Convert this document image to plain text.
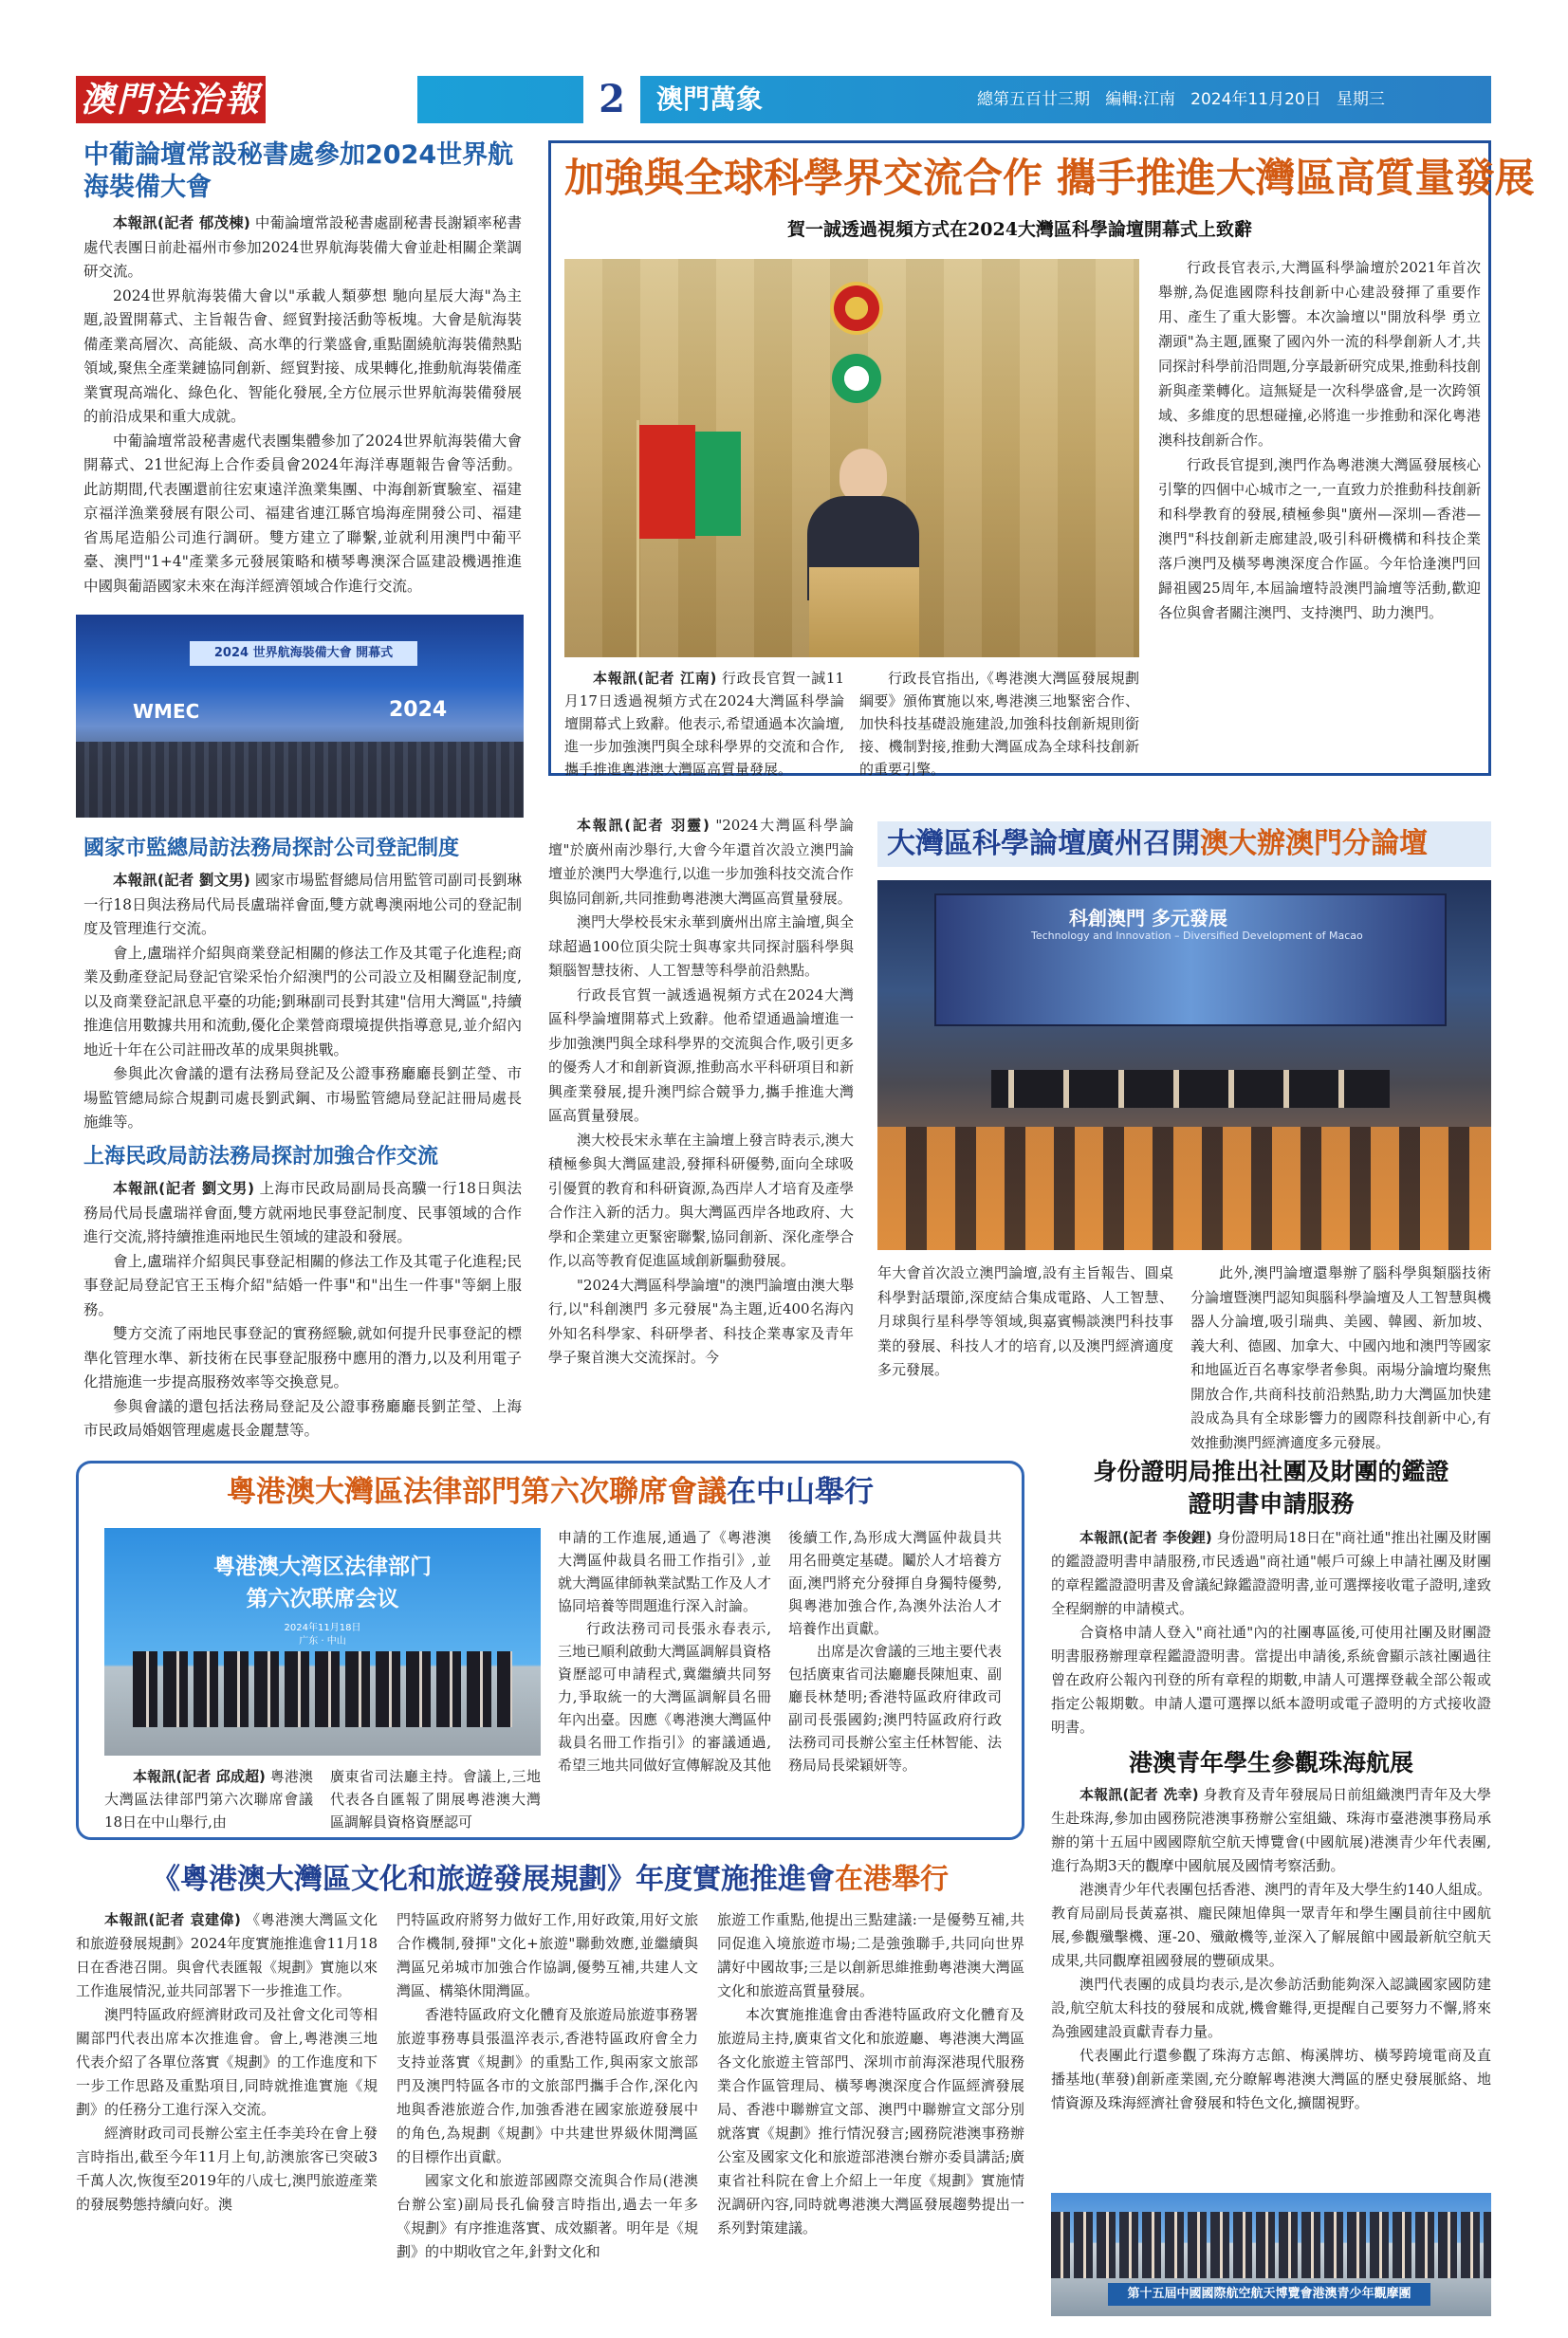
澳門法治報	2	澳門萬象	總第五百廿三期 編輯:江南 2024年11月20日 星期三
中葡論壇常設秘書處參加2024世界航
海裝備大會

本報訊(記者 郁茂棟) 中葡論壇常設秘書處副秘書長謝穎率秘書處代表團日前赴福州市參加2024世界航海裝備大會並赴相關企業調研交流。

2024世界航海裝備大會以"承載人類夢想 馳向星辰大海"為主題,設置開幕式、主旨報告會、經貿對接活動等板塊。大會是航海裝備產業高層次、高能級、高水準的行業盛會,重點圍繞航海裝備熱點領域,聚焦全產業鏈協同創新、經貿對接、成果轉化,推動航海裝備產業實現高端化、綠色化、智能化發展,全方位展示世界航海裝備發展的前沿成果和重大成就。

中葡論壇常設秘書處代表團集體參加了2024世界航海裝備大會開幕式、21世紀海上合作委員會2024年海洋專題報告會等活動。此訪期間,代表團還前往宏東遠洋漁業集團、中海創新實驗室、福建京福洋漁業發展有限公司、福建省連江縣官塢海産開發公司、福建省馬尾造船公司進行調研。雙方建立了聯繫,並就利用澳門中葡平臺、澳門"1+4"產業多元發展策略和橫琴粵澳深合區建設機遇推進中國與葡語國家未來在海洋經濟領域合作進行交流。

2024 世界航海裝備大會 開幕式
WMEC	2024
國家市監總局訪法務局探討公司登記制度

本報訊(記者 劉文男) 國家市場監督總局信用監管司副司長劉琳一行18日與法務局代局長盧瑞祥會面,雙方就粵澳兩地公司的登記制度及管理進行交流。

會上,盧瑞祥介紹與商業登記相關的修法工作及其電子化進程;商業及動產登記局登記官梁采怡介紹澳門的公司設立及相關登記制度,以及商業登記訊息平臺的功能;劉琳副司長對其建"信用大灣區",持續推進信用數據共用和流動,優化企業營商環境提供指導意見,並介紹內地近十年在公司註冊改革的成果與挑戰。

參與此次會議的還有法務局登記及公證事務廳廳長劉芷瑩、市場監管總局綜合規劃司處長劉武鋼、市場監管總局登記註冊局處長施維等。

上海民政局訪法務局探討加強合作交流

本報訊(記者 劉文男) 上海市民政局副局長高驥一行18日與法務局代局長盧瑞祥會面,雙方就兩地民事登記制度、民事領域的合作進行交流,將持續推進兩地民生領域的建設和發展。

會上,盧瑞祥介紹與民事登記相關的修法工作及其電子化進程;民事登記局登記官王玉梅介紹"結婚一件事"和"出生一件事"等網上服務。

雙方交流了兩地民事登記的實務經驗,就如何提升民事登記的標準化管理水準、新技術在民事登記服務中應用的潛力,以及利用電子化措施進一步提高服務效率等交換意見。

參與會議的還包括法務局登記及公證事務廳廳長劉芷瑩、上海市民政局婚姻管理處處長金麗慧等。

加強與全球科學界交流合作 攜手推進大灣區高質量發展
賀一誠透過視頻方式在2024大灣區科學論壇開幕式上致辭

本報訊(記者 江南) 行政長官賀一誠11月17日透過視頻方式在2024大灣區科學論壇開幕式上致辭。他表示,希望通過本次論壇,進一步加強澳門與全球科學界的交流和合作,攜手推進粵港澳大灣區高質量發展。

行政長官指出,《粵港澳大灣區發展規劃綱要》頒佈實施以來,粵港澳三地緊密合作、加快科技基礎設施建設,加強科技創新規則銜接、機制對接,推動大灣區成為全球科技創新的重要引擎。

行政長官表示,大灣區科學論壇於2021年首次舉辦,為促進國際科技創新中心建設發揮了重要作用、產生了重大影響。本次論壇以"開放科學 勇立潮頭"為主題,匯聚了國內外一流的科學創新人才,共同探討科學前沿問題,分享最新研究成果,推動科技創新與產業轉化。這無疑是一次科學盛會,是一次跨領域、多維度的思想碰撞,必將進一步推動和深化粵港澳科技創新合作。

行政長官提到,澳門作為粵港澳大灣區發展核心引擎的四個中心城市之一,一直致力於推動科技創新和科學教育的發展,積極參與"廣州—深圳—香港—澳門"科技創新走廊建設,吸引科研機構和科技企業落戶澳門及橫琴粵澳深度合作區。今年恰逢澳門回歸祖國25周年,本屆論壇特設澳門論壇等活動,歡迎各位與會者關注澳門、支持澳門、助力澳門。

本報訊(記者 羽靈) "2024大灣區科學論壇"於廣州南沙舉行,大會今年還首次設立澳門論壇並於澳門大學進行,以進一步加強科技交流合作與協同創新,共同推動粵港澳大灣區高質量發展。

澳門大學校長宋永華到廣州出席主論壇,與全球超過100位頂尖院士與專家共同探討腦科學與類腦智慧技術、人工智慧等科學前沿熱點。

行政長官賀一誠透過視頻方式在2024大灣區科學論壇開幕式上致辭。他希望通過論壇進一步加強澳門與全球科學界的交流與合作,吸引更多的優秀人才和創新資源,推動高水平科研項目和新興產業發展,提升澳門綜合競爭力,攜手推進大灣區高質量發展。

澳大校長宋永華在主論壇上發言時表示,澳大積極參與大灣區建設,發揮科研優勢,面向全球吸引優質的教育和科研資源,為西岸人才培育及產學合作注入新的活力。與大灣區西岸各地政府、大學和企業建立更緊密聯繫,協同創新、深化產學合作,以高等教育促進區域創新驅動發展。

"2024大灣區科學論壇"的澳門論壇由澳大舉行,以"科創澳門 多元發展"為主題,近400名海內外知名科學家、科研學者、科技企業專家及青年學子聚首澳大交流探討。今

大灣區科學論壇廣州召開澳大辦澳門分論壇
科創澳門 多元發展
Technology and Innovation – Diversified Development of Macao

年大會首次設立澳門論壇,設有主旨報告、圓桌科學對話環節,深度結合集成電路、人工智慧、月球與行星科學等領域,與嘉賓暢談澳門科技事業的發展、科技人才的培育,以及澳門經濟適度多元發展。

此外,澳門論壇還舉辦了腦科學與類腦技術分論壇暨澳門認知與腦科學論壇及人工智慧與機器人分論壇,吸引瑞典、美國、韓國、新加坡、義大利、德國、加拿大、中國內地和澳門等國家和地區近百名專家學者參與。兩場分論壇均聚焦開放合作,共商科技前沿熱點,助力大灣區加快建設成為具有全球影響力的國際科技創新中心,有效推動澳門經濟適度多元發展。

粵港澳大灣區法律部門第六次聯席會議在中山舉行
粤港澳大湾区法律部门
第六次联席会议
2024年11月18日
广东 · 中山

本報訊(記者 邱成超) 粵港澳大灣區法律部門第六次聯席會議18日在中山舉行,由

廣東省司法廳主持。會議上,三地代表各自匯報了開展粵港澳大灣區調解員資格資歷認可

申請的工作進展,通過了《粵港澳大灣區仲裁員名冊工作指引》,並就大灣區律師執業試點工作及人才協同培養等問題進行深入討論。

行政法務司司長張永春表示,三地已順利啟動大灣區調解員資格資歷認可申請程式,冀繼續共同努力,爭取統一的大灣區調解員名冊年內出臺。因應《粵港澳大灣區仲裁員名冊工作指引》的審議通過,希望三地共同做好宣傳解說及其他

後續工作,為形成大灣區仲裁員共用名冊奠定基礎。鬮於人才培養方面,澳門將充分發揮自身獨特優勢,與粵港加強合作,為澳外法治人才培養作出貢獻。

出席是次會議的三地主要代表包括廣東省司法廳廳長陳旭東、副廳長林楚明;香港特區政府律政司副司長張國鈞;澳門特區政府行政法務司司長辦公室主任林智能、法務局局長梁穎妍等。

身份證明局推出社團及財團的鑑證
證明書申請服務

本報訊(記者 李俊鋰) 身份證明局18日在"商社通"推出社團及財團的鑑證證明書申請服務,市民透過"商社通"帳戶可線上申請社團及財團的章程鑑證證明書及會議紀錄鑑證證明書,並可選擇接收電子證明,達致全程網辦的申請模式。

合資格申請人登入"商社通"內的社團專區後,可使用社團及財團證明書服務辦理章程鑑證證明書。當提出申請後,系統會顯示該社團過往曾在政府公報內刊登的所有章程的期數,申請人可選擇登載全部公報或指定公報期數。申請人還可選擇以紙本證明或電子證明的方式接收證明書。

港澳青年學生參觀珠海航展

本報訊(記者 冼幸) 身教育及青年發展局日前組織澳門青年及大學生赴珠海,參加由國務院港澳事務辦公室組織、珠海市臺港澳事務局承辦的第十五屆中國國際航空航天博覽會(中國航展)港澳青少年代表團,進行為期3天的觀摩中國航展及國情考察活動。

港澳青少年代表團包括香港、澳門的青年及大學生約140人組成。教育局副局長黃嘉祺、龐民陳旭偉與一眾青年和學生團員前往中國航展,參觀殲擊機、運-20、殲敵機等,並深入了解展館中國最新航空航天成果,共同觀摩祖國發展的豐碩成果。

澳門代表團的成員均表示,是次參訪活動能夠深入認識國家國防建設,航空航太科技的發展和成就,機會難得,更提醒自己要努力不懈,將來為強國建設貢獻青春力量。

代表團此行還參觀了珠海方志館、梅溪牌坊、橫琴跨境電商及直播基地(華發)創新產業園,充分瞭解粵港澳大灣區的歷史發展脈絡、地情資源及珠海經濟社會發展和特色文化,擴闊視野。

第十五屆中國國際航空航天博覽會港澳青少年觀摩團
《粵港澳大灣區文化和旅遊發展規劃》年度實施推進會在港舉行

本報訊(記者 袁建偉) 《粵港澳大灣區文化和旅遊發展規劃》2024年度實施推進會11月18日在香港召開。與會代表匯報《規劃》實施以來工作進展情況,並共同部署下一步推進工作。

澳門特區政府經濟財政司及社會文化司等相關部門代表出席本次推進會。會上,粵港澳三地代表介紹了各單位落實《規劃》的工作進度和下一步工作思路及重點項目,同時就推進實施《規劃》的任務分工進行深入交流。

經濟財政司司長辦公室主任李美玲在會上發言時指出,截至今年11月上旬,訪澳旅客已突破3千萬人次,恢復至2019年的八成七,澳門旅遊產業的發展勢態持續向好。澳

門特區政府將努力做好工作,用好政策,用好文旅合作機制,發揮"文化+旅遊"聯動效應,並繼續與灣區兄弟城市加強合作協調,優勢互補,共建人文灣區、構築休閒灣區。

香港特區政府文化體育及旅遊局旅遊事務署旅遊事務專員張溫淬表示,香港特區政府會全力支持並落實《規劃》的重點工作,與兩家文旅部門及澳門特區各市的文旅部門攜手合作,深化內地與香港旅遊合作,加強香港在國家旅遊發展中的角色,為規劃《規劃》中共建世界級休閒灣區的目標作出貢獻。

國家文化和旅遊部國際交流與合作局(港澳台辦公室)副局長孔倫發言時指出,過去一年多《規劃》有序推進落實、成效顯著。明年是《規劃》的中期收官之年,針對文化和

旅遊工作重點,他提出三點建議:一是優勢互補,共同促進入境旅遊市場;二是強強聯手,共同向世界講好中國故事;三是以創新思維推動粵港澳大灣區文化和旅遊高質量發展。

本次實施推進會由香港特區政府文化體育及旅遊局主持,廣東省文化和旅遊廳、粵港澳大灣區各文化旅遊主管部門、深圳市前海深港現代服務業合作區管理局、橫琴粵澳深度合作區經濟發展局、香港中聯辦宣文部、澳門中聯辦宣文部分別就落實《規劃》推行情況發言;國務院港澳事務辦公室及國家文化和旅遊部港澳台辦亦委員講話;廣東省社科院在會上介紹上一年度《規劃》實施情況調研內容,同時就粵港澳大灣區發展趨勢提出一系列對策建議。
